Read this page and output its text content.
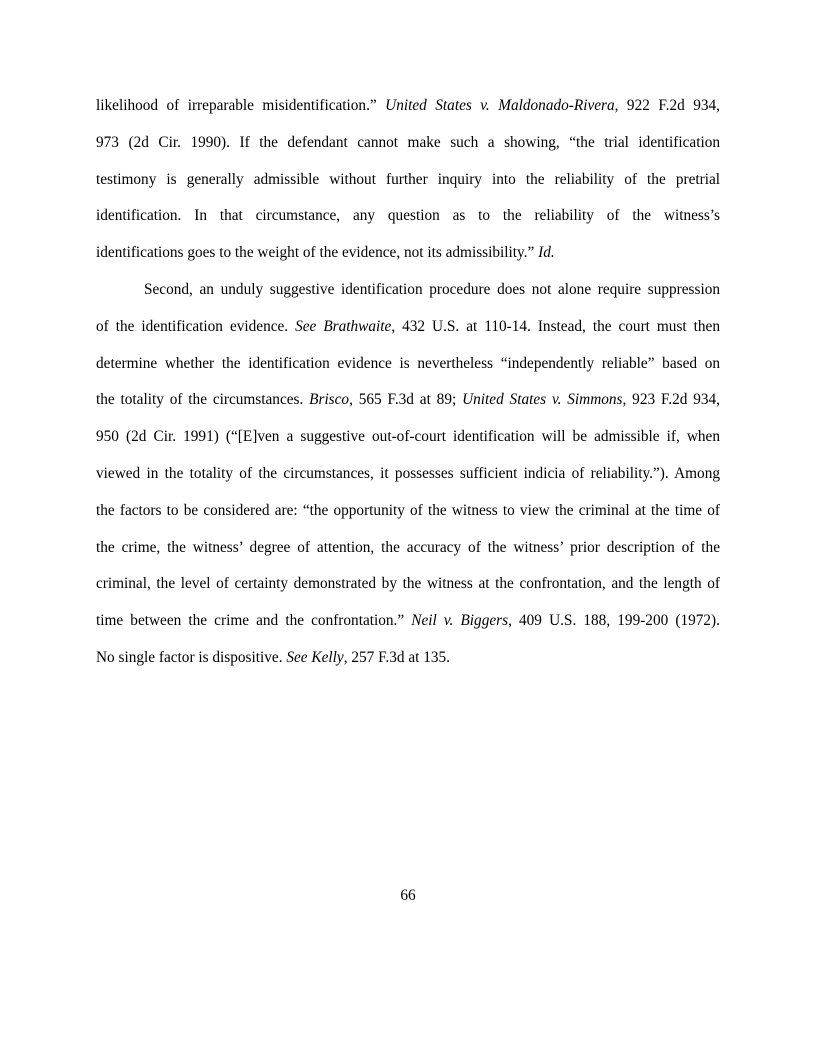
likelihood of irreparable misidentification.” United States v. Maldonado-Rivera, 922 F.2d 934,
973 (2d Cir. 1990). If the defendant cannot make such a showing, “the trial identification
testimony is generally admissible without further inquiry into the reliability of the pretrial
identification. In that circumstance, any question as to the reliability of the witness’s
identifications goes to the weight of the evidence, not its admissibility.” Id.
Second, an unduly suggestive identification procedure does not alone require suppression
of the identification evidence. See Brathwaite, 432 U.S. at 110-14. Instead, the court must then
determine whether the identification evidence is nevertheless “independently reliable” based on
the totality of the circumstances. Brisco, 565 F.3d at 89; United States v. Simmons, 923 F.2d 934,
950 (2d Cir. 1991) (“[E]ven a suggestive out-of-court identification will be admissible if, when
viewed in the totality of the circumstances, it possesses sufficient indicia of reliability.”). Among
the factors to be considered are: “the opportunity of the witness to view the criminal at the time of
the crime, the witness’ degree of attention, the accuracy of the witness’ prior description of the
criminal, the level of certainty demonstrated by the witness at the confrontation, and the length of
time between the crime and the confrontation.” Neil v. Biggers, 409 U.S. 188, 199-200 (1972).
No single factor is dispositive. See Kelly, 257 F.3d at 135.
66
